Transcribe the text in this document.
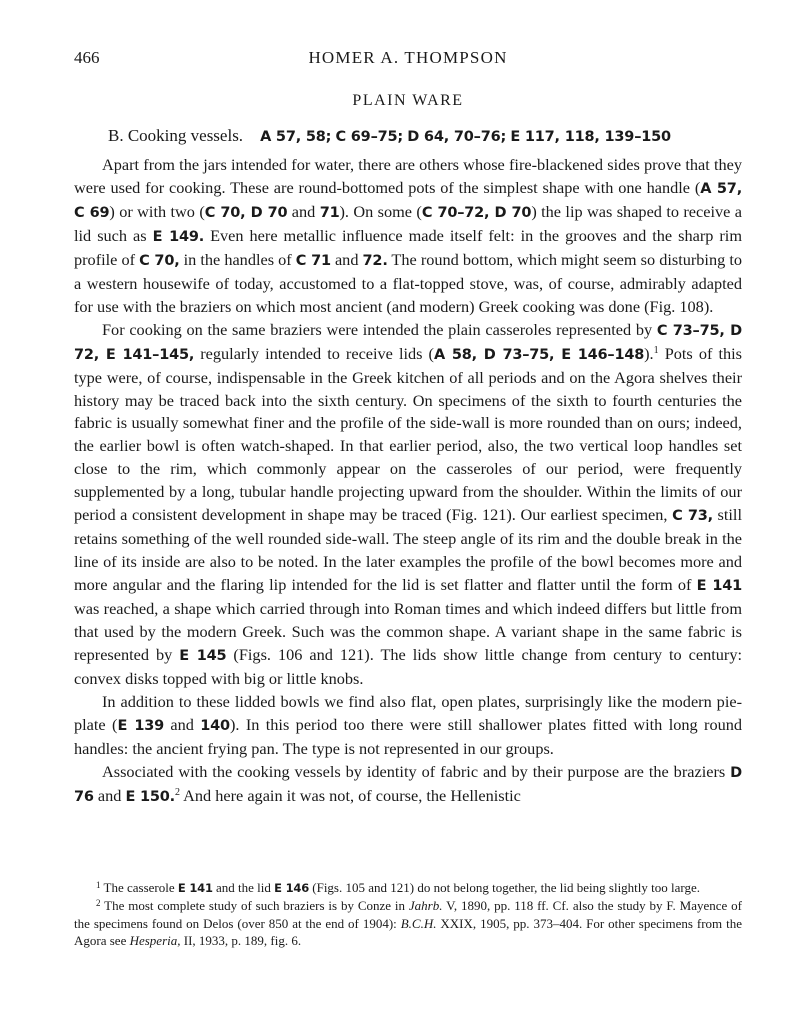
466	HOMER A. THOMPSON
PLAIN WARE
B. Cooking vessels.  A 57, 58; C 69–75; D 64, 70–76; E 117, 118, 139–150

Apart from the jars intended for water, there are others whose fire-blackened sides prove that they were used for cooking. These are round-bottomed pots of the simplest shape with one handle (A 57, C 69) or with two (C 70, D 70 and 71). On some (C 70–72, D 70) the lip was shaped to receive a lid such as E 149. Even here metallic influence made itself felt: in the grooves and the sharp rim profile of C 70, in the handles of C 71 and 72. The round bottom, which might seem so disturbing to a western housewife of today, accustomed to a flat-topped stove, was, of course, admirably adapted for use with the braziers on which most ancient (and modern) Greek cooking was done (Fig. 108).

For cooking on the same braziers were intended the plain casseroles represented by C 73–75, D 72, E 141–145, regularly intended to receive lids (A 58, D 73–75, E 146–148).$^1$ Pots of this type were, of course, indispensable in the Greek kitchen of all periods and on the Agora shelves their history may be traced back into the sixth century. On specimens of the sixth to fourth centuries the fabric is usually somewhat finer and the profile of the side-wall is more rounded than on ours; indeed, the earlier bowl is often watch-shaped. In that earlier period, also, the two vertical loop handles set close to the rim, which commonly appear on the casseroles of our period, were frequently supplemented by a long, tubular handle projecting upward from the shoulder. Within the limits of our period a consistent development in shape may be traced (Fig. 121). Our earliest specimen, C 73, still retains something of the well rounded side-wall. The steep angle of its rim and the double break in the line of its inside are also to be noted. In the later examples the profile of the bowl becomes more and more angular and the flaring lip intended for the lid is set flatter and flatter until the form of E 141 was reached, a shape which carried through into Roman times and which indeed differs but little from that used by the modern Greek. Such was the common shape. A variant shape in the same fabric is represented by E 145 (Figs. 106 and 121). The lids show little change from century to century: convex disks topped with big or little knobs.

In addition to these lidded bowls we find also flat, open plates, surprisingly like the modern pie-plate (E 139 and 140). In this period too there were still shallower plates fitted with long round handles: the ancient frying pan. The type is not represented in our groups.

Associated with the cooking vessels by identity of fabric and by their purpose are the braziers D 76 and E 150.$^2$ And here again it was not, of course, the Hellenistic

$^1$ The casserole E 141 and the lid E 146 (Figs. 105 and 121) do not belong together, the lid being slightly too large.

$^2$ The most complete study of such braziers is by Conze in Jahrb. V, 1890, pp. 118 ff. Cf. also the study by F. Mayence of the specimens found on Delos (over 850 at the end of 1904): B.C.H. XXIX, 1905, pp. 373–404. For other specimens from the Agora see Hesperia, II, 1933, p. 189, fig. 6.
